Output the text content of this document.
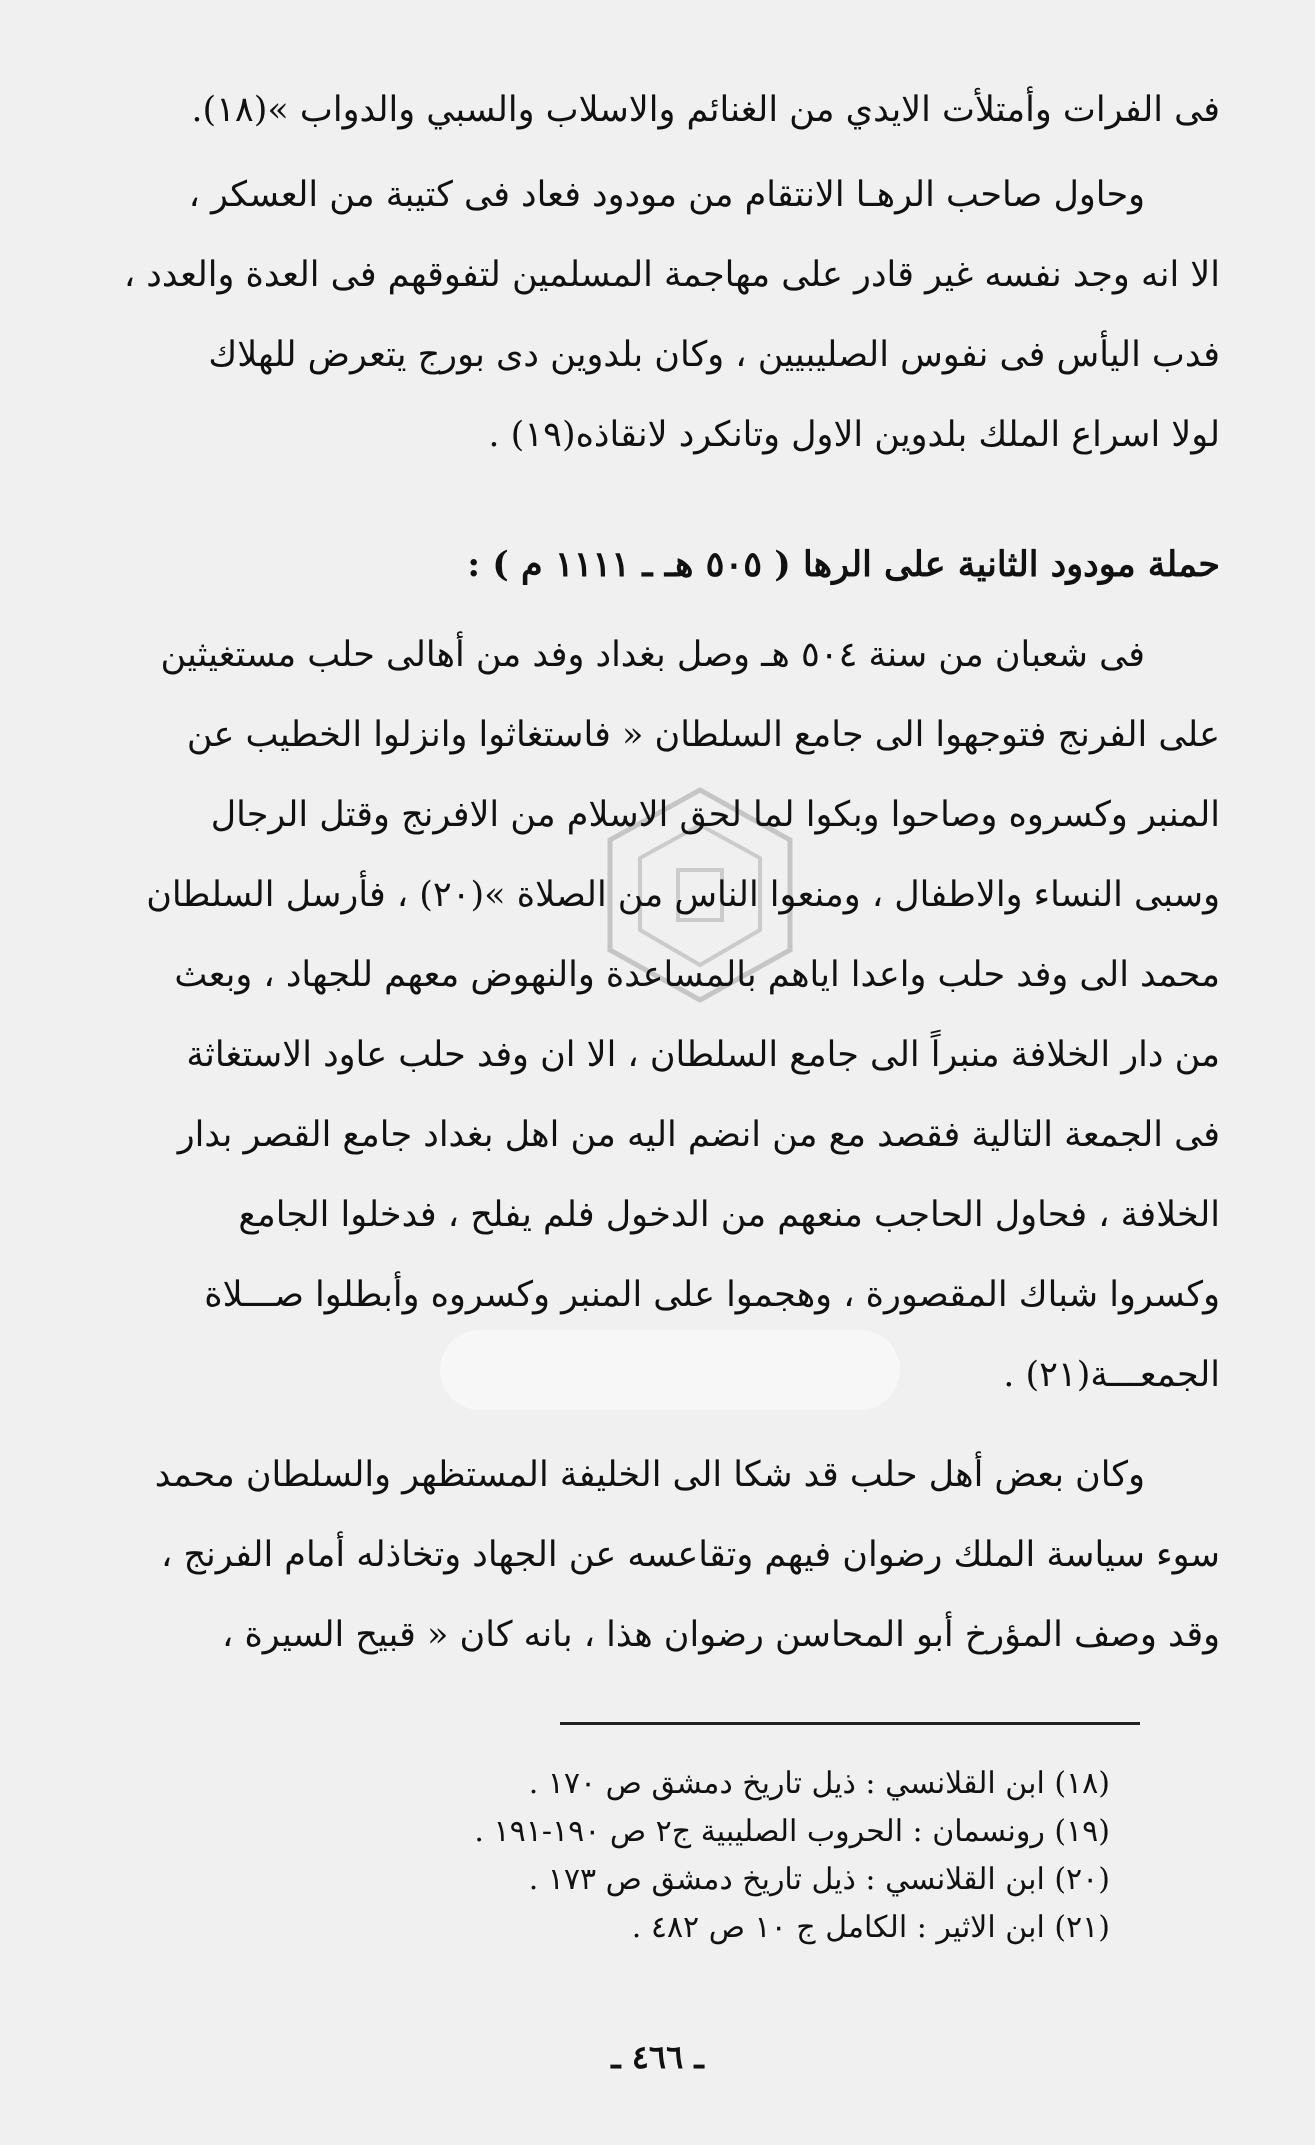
فى الفرات وأمتلأت الايدي من الغنائم والاسلاب والسبي والدواب »(١٨).
وحاول صاحب الرهـا الانتقام من مودود فعاد فى كتيبة من العسكر ،
الا انه وجد نفسه غير قادر على مهاجمة المسلمين لتفوقهم فى العدة والعدد ،
فدب اليأس فى نفوس الصليبيين ، وكان بلدوين دى بورج يتعرض للهلاك
لولا اسراع الملك بلدوين الاول وتانكرد لانقاذه(١٩) .
حملة مودود الثانية على الرها ( ٥٠٥ هـ ـ ١١١١ م ) :
فى شعبان من سنة ٥٠٤ هـ وصل بغداد وفد من أهالى حلب مستغيثين
على الفرنج فتوجهوا الى جامع السلطان « فاستغاثوا وانزلوا الخطيب عن
المنبر وكسروه وصاحوا وبكوا لما لحق الاسلام من الافرنج وقتل الرجال
وسبى النساء والاطفال ، ومنعوا الناس من الصلاة »(٢٠) ، فأرسل السلطان
محمد الى وفد حلب واعدا اياهم بالمساعدة والنهوض معهم للجهاد ، وبعث
من دار الخلافة منبراً الى جامع السلطان ، الا ان وفد حلب عاود الاستغاثة
فى الجمعة التالية فقصد مع من انضم اليه من اهل بغداد جامع القصر بدار
الخلافة ، فحاول الحاجب منعهم من الدخول فلم يفلح ، فدخلوا الجامع
وكسروا شباك المقصورة ، وهجموا على المنبر وكسروه وأبطلوا صـــلاة
الجمعـــة(٢١) .
وكان بعض أهل حلب قد شكا الى الخليفة المستظهر والسلطان محمد
سوء سياسة الملك رضوان فيهم وتقاعسه عن الجهاد وتخاذله أمام الفرنج ،
وقد وصف المؤرخ أبو المحاسن رضوان هذا ، بانه كان « قبيح السيرة ،
(١٨) ابن القلانسي : ذيل تاريخ دمشق ص ١٧٠ .
(١٩) رونسمان : الحروب الصليبية ج٢ ص ١٩٠-١٩١ .
(٢٠) ابن القلانسي : ذيل تاريخ دمشق ص ١٧٣ .
(٢١) ابن الاثير : الكامل ج ١٠ ص ٤٨٢ .
ـ ٤٦٦ ـ
